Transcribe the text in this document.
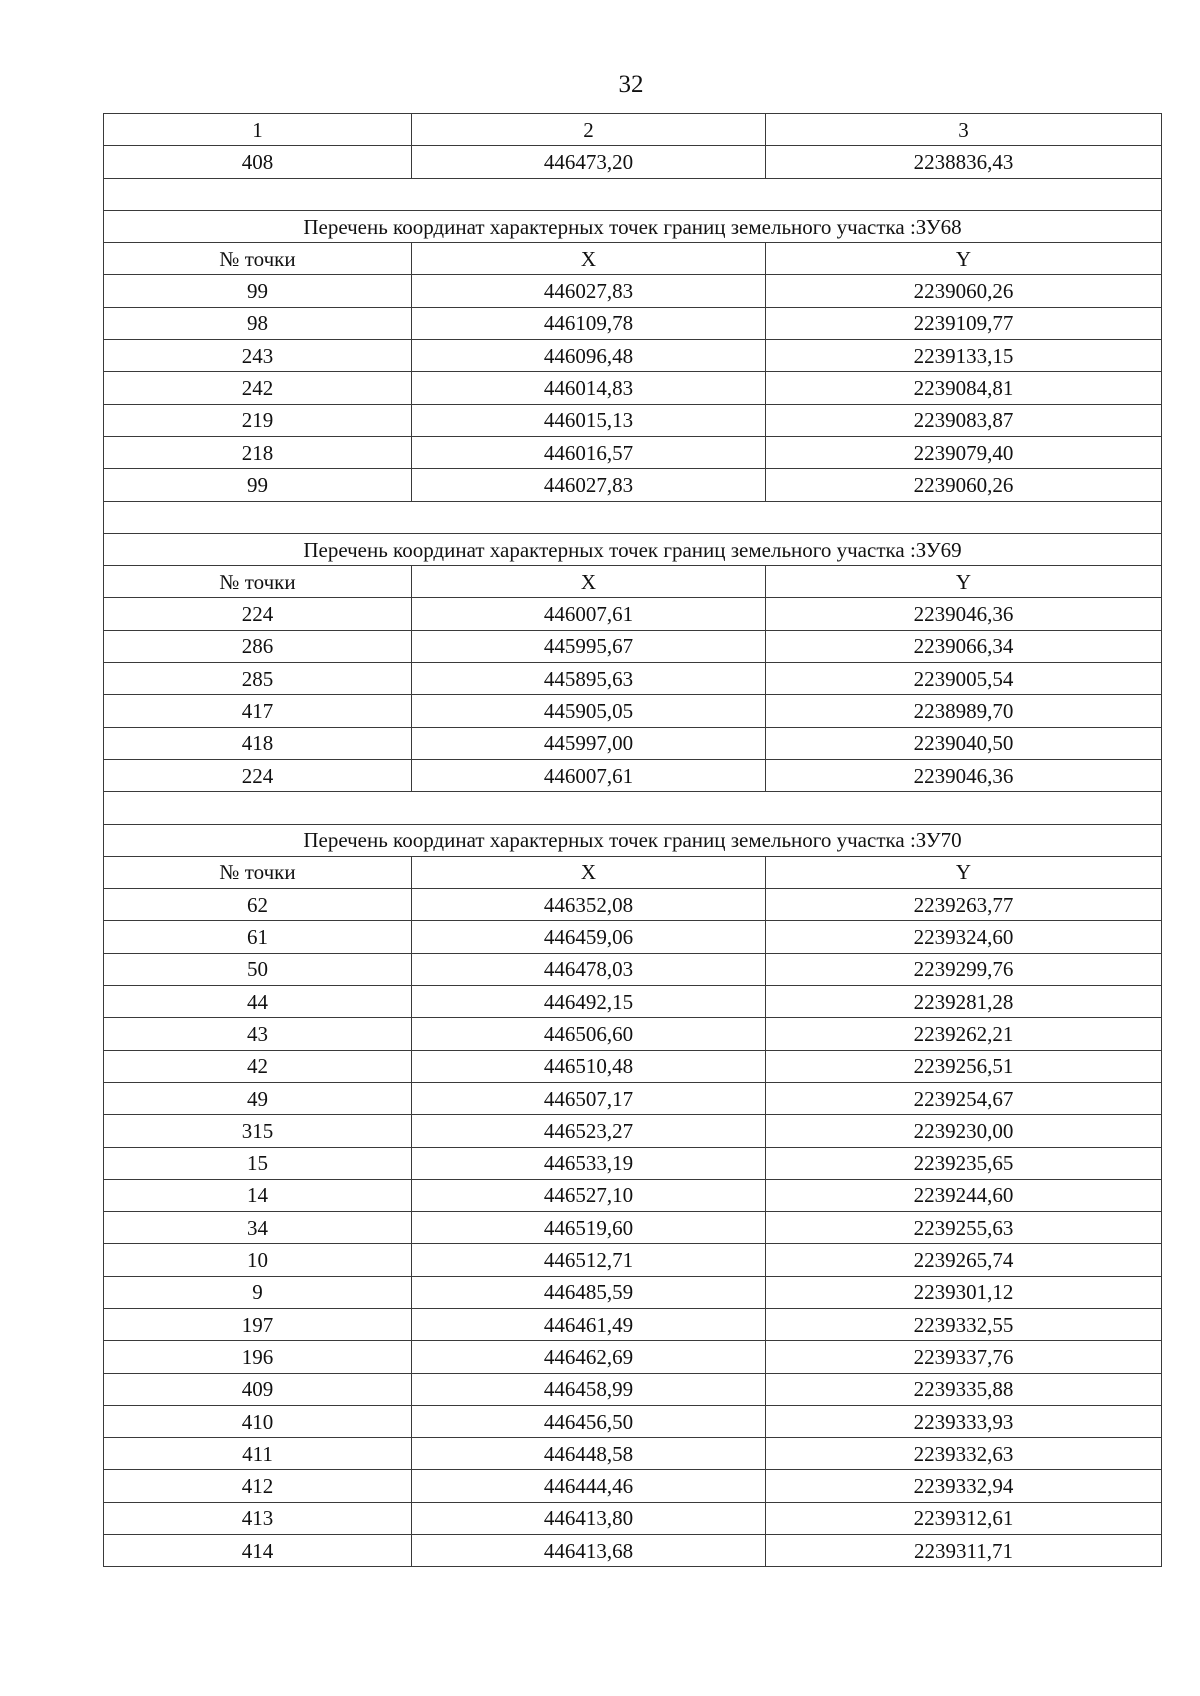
32
1	2	3
408	446473,20	2238836,43

Перечень координат характерных точек границ земельного участка :ЗУ68		
№ точки	X	Y
99	446027,83	2239060,26
98	446109,78	2239109,77
243	446096,48	2239133,15
242	446014,83	2239084,81
219	446015,13	2239083,87
218	446016,57	2239079,40
99	446027,83	2239060,26

Перечень координат характерных точек границ земельного участка :ЗУ69		
№ точки	X	Y
224	446007,61	2239046,36
286	445995,67	2239066,34
285	445895,63	2239005,54
417	445905,05	2238989,70
418	445997,00	2239040,50
224	446007,61	2239046,36

Перечень координат характерных точек границ земельного участка :ЗУ70		
№ точки	X	Y
62	446352,08	2239263,77
61	446459,06	2239324,60
50	446478,03	2239299,76
44	446492,15	2239281,28
43	446506,60	2239262,21
42	446510,48	2239256,51
49	446507,17	2239254,67
315	446523,27	2239230,00
15	446533,19	2239235,65
14	446527,10	2239244,60
34	446519,60	2239255,63
10	446512,71	2239265,74
9	446485,59	2239301,12
197	446461,49	2239332,55
196	446462,69	2239337,76
409	446458,99	2239335,88
410	446456,50	2239333,93
411	446448,58	2239332,63
412	446444,46	2239332,94
413	446413,80	2239312,61
414	446413,68	2239311,71
